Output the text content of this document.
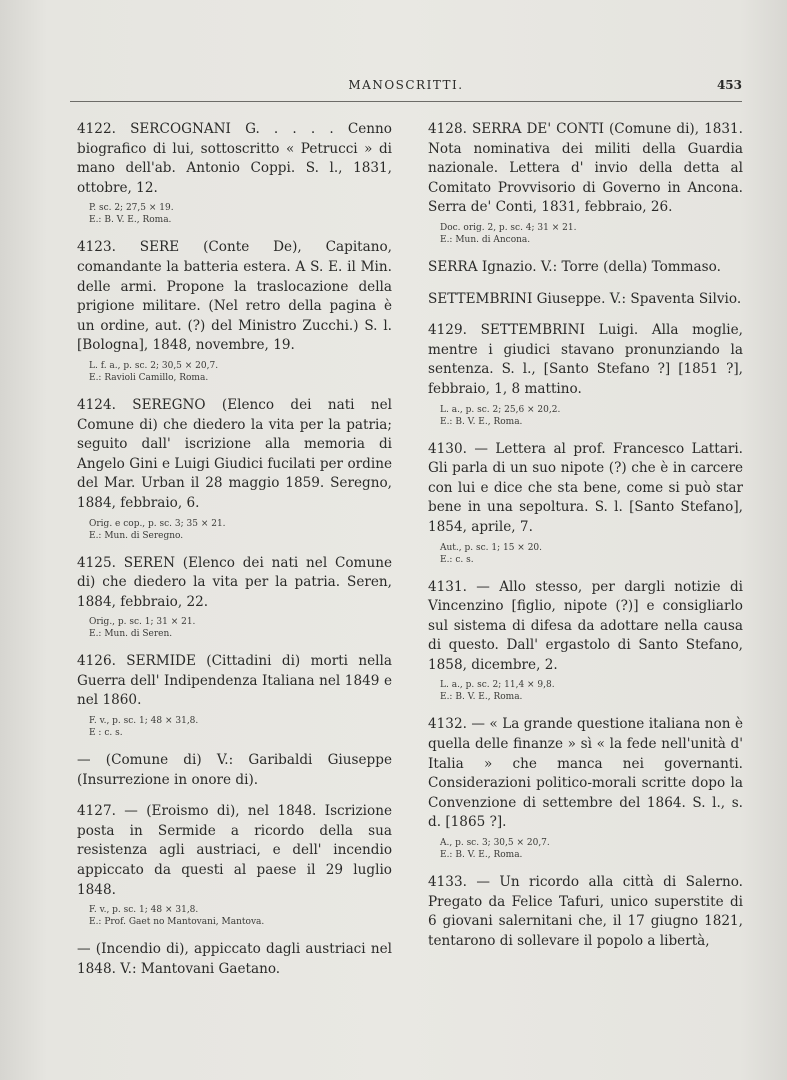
MANOSCRITTI.	453
4122. SERCOGNANI G. . . . . Cenno biografico di lui, sottoscritto « Petrucci » di mano dell'ab. Antonio Coppi. S. l., 1831, ottobre, 12.
P. sc. 2; 27,5 × 19.
E.: B. V. E., Roma.
4123. SERE (Conte De), Capitano, comandante la batteria estera. A S. E. il Min. delle armi. Propone la traslocazione della prigione militare. (Nel retro della pagina è un ordine, aut. (?) del Ministro Zucchi.) S. l. [Bologna], 1848, novembre, 19.
L. f. a., p. sc. 2; 30,5 × 20,7.
E.: Ravioli Camillo, Roma.
4124. SEREGNO (Elenco dei nati nel Comune di) che diedero la vita per la patria; seguito dall' iscrizione alla memoria di Angelo Gini e Luigi Giudici fucilati per ordine del Mar. Urban il 28 maggio 1859. Seregno, 1884, febbraio, 6.
Orig. e cop., p. sc. 3; 35 × 21.
E.: Mun. di Seregno.
4125. SEREN (Elenco dei nati nel Comune di) che diedero la vita per la patria. Seren, 1884, febbraio, 22.
Orig., p. sc. 1; 31 × 21.
E.: Mun. di Seren.
4126. SERMIDE (Cittadini di) morti nella Guerra dell' Indipendenza Italiana nel 1849 e nel 1860.
F. v., p. sc. 1; 48 × 31,8.
E : c. s.
— (Comune di) V.: Garibaldi Giuseppe (Insurrezione in onore di).
4127. — (Eroismo di), nel 1848. Iscrizione posta in Sermide a ricordo della sua resistenza agli austriaci, e dell' incendio appiccato da questi al paese il 29 luglio 1848.
F. v., p. sc. 1; 48 × 31,8.
E.: Prof. Gaet no Mantovani, Mantova.
— (Incendio di), appiccato dagli austriaci nel 1848. V.: Mantovani Gaetano.
4128. SERRA DE' CONTI (Comune di), 1831. Nota nominativa dei militi della Guardia nazionale. Lettera d' invio della detta al Comitato Provvisorio di Governo in Ancona. Serra de' Conti, 1831, febbraio, 26.
Doc. orig. 2, p. sc. 4; 31 × 21.
E.: Mun. di Ancona.
SERRA Ignazio. V.: Torre (della) Tommaso.
SETTEMBRINI Giuseppe. V.: Spaventa Silvio.
4129. SETTEMBRINI Luigi. Alla moglie, mentre i giudici stavano pronunziando la sentenza. S. l., [Santo Stefano ?] [1851 ?], febbraio, 1, 8 mattino.
L. a., p. sc. 2; 25,6 × 20,2.
E.: B. V. E., Roma.
4130. — Lettera al prof. Francesco Lattari. Gli parla di un suo nipote (?) che è in carcere con lui e dice che sta bene, come si può star bene in una sepoltura. S. l. [Santo Stefano], 1854, aprile, 7.
Aut., p. sc. 1; 15 × 20.
E.: c. s.
4131. — Allo stesso, per dargli notizie di Vincenzino [figlio, nipote (?)] e consigliarlo sul sistema di difesa da adottare nella causa di questo. Dall' ergastolo di Santo Stefano, 1858, dicembre, 2.
L. a., p. sc. 2; 11,4 × 9,8.
E.: B. V. E., Roma.
4132. — « La grande questione italiana non è quella delle finanze » sì « la fede nell'unità d' Italia » che manca nei governanti. Considerazioni politico-morali scritte dopo la Convenzione di settembre del 1864. S. l., s. d. [1865 ?].
A., p. sc. 3; 30,5 × 20,7.
E.: B. V. E., Roma.
4133. — Un ricordo alla città di Salerno. Pregato da Felice Tafuri, unico superstite di 6 giovani salernitani che, il 17 giugno 1821, tentarono di sollevare il popolo a libertà,
